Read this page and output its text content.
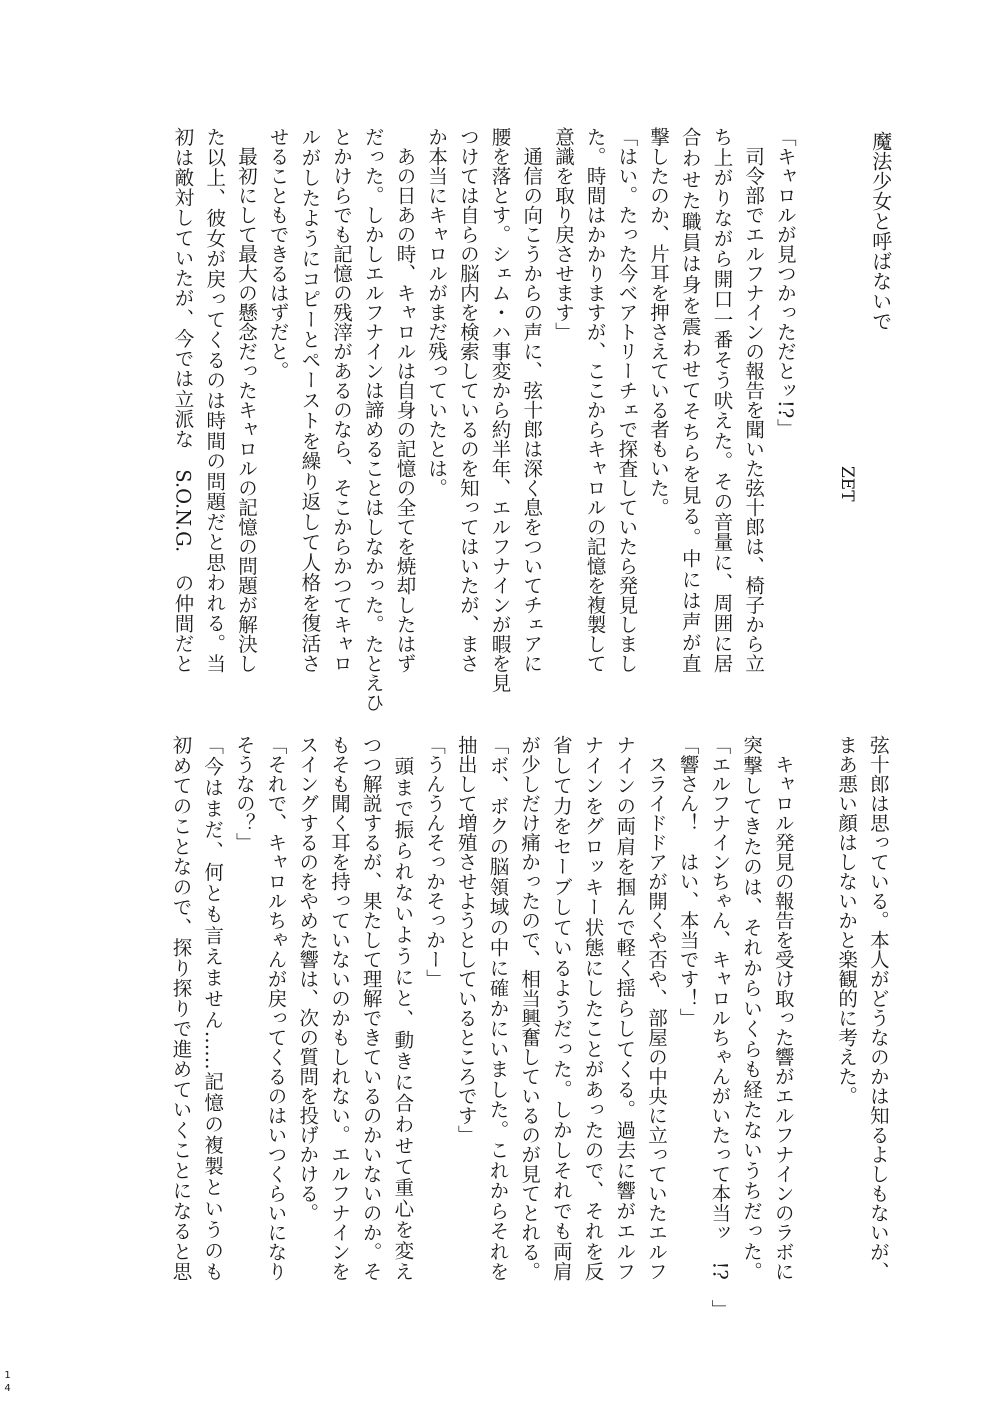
魔法少女と呼ばないで
ZET
「キャロルが見つかっただとッ!?」
　司令部でエルフナインの報告を聞いた弦十郎は、椅子から立
ち上がりながら開口一番そう吠えた。その音量に、周囲に居
合わせた職員は身を震わせてそちらを見る。中には声が直
撃したのか、片耳を押さえている者もいた。
「はい。たった今ベアトリーチェで探査していたら発見しまし
た。時間はかかりますが、ここからキャロルの記憶を複製して
意識を取り戻させます」
　通信の向こうからの声に、弦十郎は深く息をついてチェアに
腰を落とす。シェム・ハ事変から約半年、エルフナインが暇を見
つけては自らの脳内を検索しているのを知ってはいたが、まさ
か本当にキャロルがまだ残っていたとは。
　あの日あの時、キャロルは自身の記憶の全てを焼却したはず
だった。しかしエルフナインは諦めることはしなかった。たとえひ
とかけらでも記憶の残滓があるのなら、そこからかつてキャロ
ルがしたようにコピーとペーストを繰り返して人格を復活さ
せることもできるはずだと。
　最初にして最大の懸念だったキャロルの記憶の問題が解決し
た以上、彼女が戻ってくるのは時間の問題だと思われる。当
初は敵対していたが、今では立派な　S.O.N.G.　の仲間だと
弦十郎は思っている。本人がどうなのかは知るよしもないが、
まあ悪い顔はしないかと楽観的に考えた。
　キャロル発見の報告を受け取った響がエルフナインのラボに
突撃してきたのは、それからいくらも経たないうちだった。
「エルフナインちゃん、キャロルちゃんがいたって本当ッ　!?　」
「響さん！　はい、本当です！」
　スライドドアが開くや否や、部屋の中央に立っていたエルフ
ナインの両肩を掴んで軽く揺らしてくる。過去に響がエルフ
ナインをグロッキー状態にしたことがあったので、それを反
省して力をセーブしているようだった。しかしそれでも両肩
が少しだけ痛かったので、相当興奮しているのが見てとれる。
「ボ、ボクの脳領域の中に確かにいました。これからそれを
抽出して増殖させようとしているところです」
「うんうんそっかそっかー」
　頭まで振られないようにと、動きに合わせて重心を変え
つつ解説するが、果たして理解できているのかいないのか。そ
もそも聞く耳を持っていないのかもしれない。エルフナインを
スイングするのをやめた響は、次の質問を投げかける。
「それで、キャロルちゃんが戻ってくるのはいつくらいになり
そうなの？」
「今はまだ、何とも言えません……記憶の複製というのも
初めてのことなので、探り探りで進めていくことになると思
14
